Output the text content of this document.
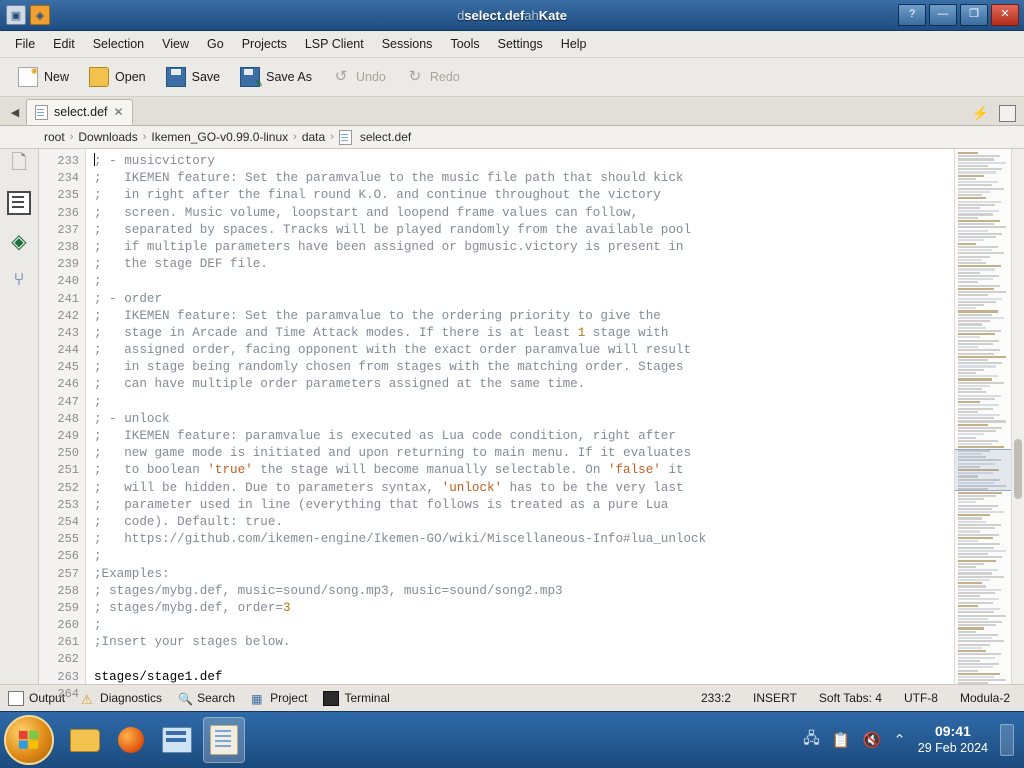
▣	◈	dselect.defahKate	?	—	❐	✕
File	Edit	Selection	View	Go	Projects	LSP Client	Sessions	Tools	Settings	Help
✷
New	Open	Save ✎	Save As ↺ Undo ↻ Redo
◀	select.def ✕	⚡
root › Downloads › Ikemen_GO-v0.99.0-linux › data › select.def
🗋
◈
⑂
233
234
235
236
237
238
239
240
241
242
243
244
245
246
247
248
249
250
251
252
253
254
255
256
257
258
259
260
261
262
263
264
; - musicvictory
;   IKEMEN feature: Set the paramvalue to the music file path that should kick
;   in right after the final round K.O. and continue throughout the victory
;   screen. Music volume, loopstart and loopend frame values can follow,
;   separated by spaces. Tracks will be played randomly from the available pool
;   if multiple parameters have been assigned or bgmusic.victory is present in
;   the stage DEF file.
;
; - order
;   IKEMEN feature: Set the paramvalue to the ordering priority to give the
;   stage in Arcade and Time Attack modes. If there is at least 1 stage with
;   assigned order, facing opponent with the exact order paramvalue will result
;   in stage being randomly chosen from stages with the matching order. Stages
;   can have multiple order parameters assigned at the same time.
;
; - unlock
;   IKEMEN feature: paramvalue is executed as Lua code condition, right after
;   new game mode is initiated and upon returning to main menu. If it evaluates
;   to boolean 'true' the stage will become manually selectable. On 'false' it
;   will be hidden. Due to parameters syntax, 'unlock' has to be the very last
;   parameter used in line (everything that follows is treated as a pure Lua
;   code). Default: true.
;   https://github.com/ikemen-engine/Ikemen-GO/wiki/Miscellaneous-Info#lua_unlock
;
;Examples:
; stages/mybg.def, music=sound/song.mp3, music=sound/song2.mp3
; stages/mybg.def, order=3
;
;Insert your stages below.
stages/stage1.def
Output ⚠ Diagnostics 🔍 Search ▦ Project	Terminal	233:2 INSERT Soft Tabs: 4 UTF-8 Modula-2
🖧 📋 🔇 ⌃
09:41
29 Feb 2024
